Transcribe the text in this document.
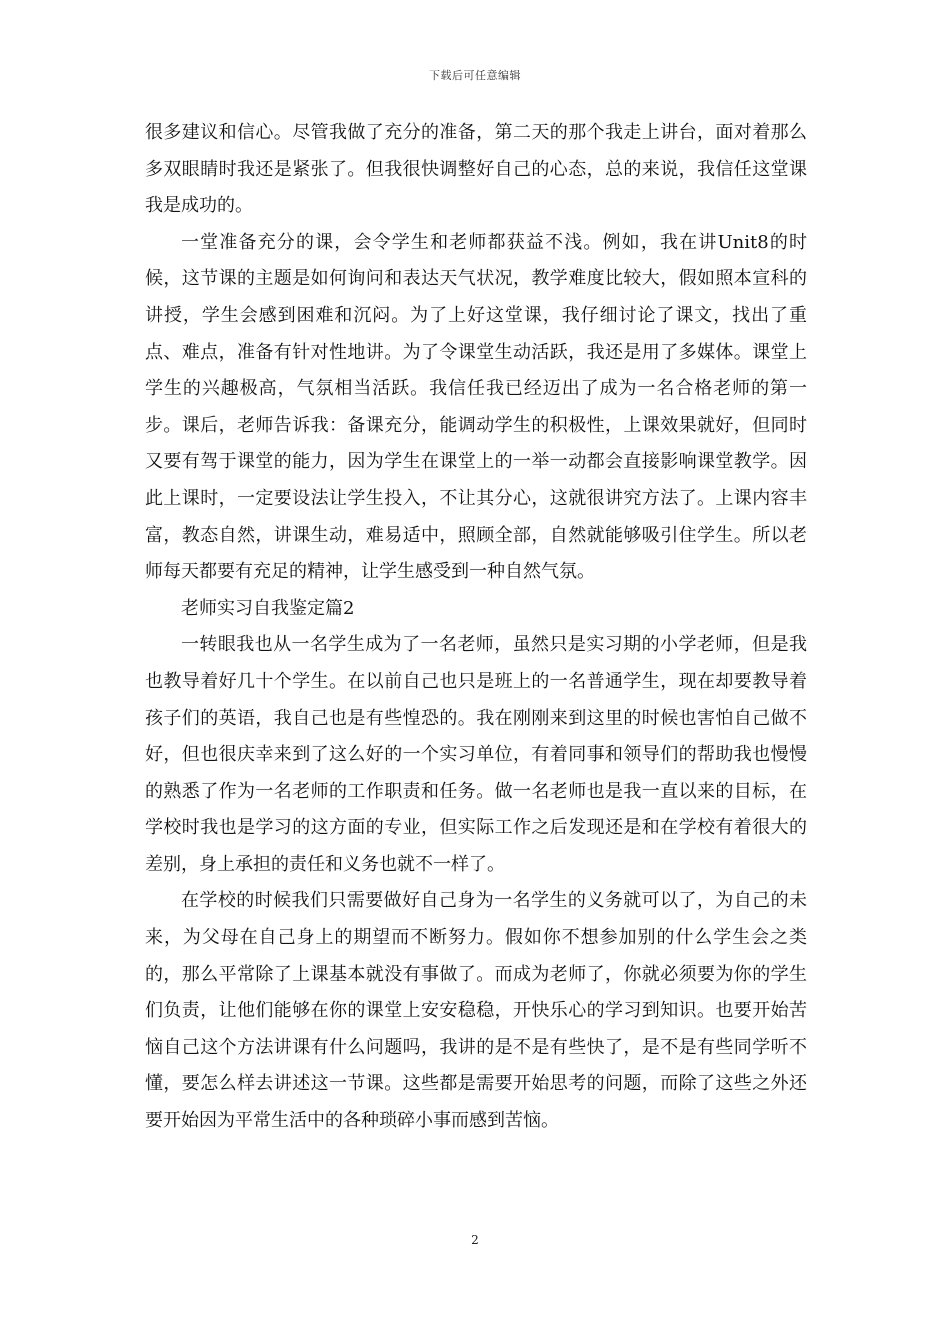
下载后可任意编辑

很多建议和信心。尽管我做了充分的准备，第二天的那个我走上讲台，面对着那么多双眼睛时我还是紧张了。但我很快调整好自己的心态，总的来说，我信任这堂课我是成功的。

一堂准备充分的课，会令学生和老师都获益不浅。例如，我在讲Unit8的时候，这节课的主题是如何询问和表达天气状况，教学难度比较大，假如照本宣科的讲授，学生会感到困难和沉闷。为了上好这堂课，我仔细讨论了课文，找出了重点、难点，准备有针对性地讲。为了令课堂生动活跃，我还是用了多媒体。课堂上学生的兴趣极高，气氛相当活跃。我信任我已经迈出了成为一名合格老师的第一步。课后，老师告诉我：备课充分，能调动学生的积极性，上课效果就好，但同时又要有驾于课堂的能力，因为学生在课堂上的一举一动都会直接影响课堂教学。因此上课时，一定要设法让学生投入，不让其分心，这就很讲究方法了。上课内容丰富，教态自然，讲课生动，难易适中，照顾全部，自然就能够吸引住学生。所以老师每天都要有充足的精神，让学生感受到一种自然气氛。

老师实习自我鉴定篇2

一转眼我也从一名学生成为了一名老师，虽然只是实习期的小学老师，但是我也教导着好几十个学生。在以前自己也只是班上的一名普通学生，现在却要教导着孩子们的英语，我自己也是有些惶恐的。我在刚刚来到这里的时候也害怕自己做不好，但也很庆幸来到了这么好的一个实习单位，有着同事和领导们的帮助我也慢慢的熟悉了作为一名老师的工作职责和任务。做一名老师也是我一直以来的目标，在学校时我也是学习的这方面的专业，但实际工作之后发现还是和在学校有着很大的差别，身上承担的责任和义务也就不一样了。

在学校的时候我们只需要做好自己身为一名学生的义务就可以了，为自己的未来，为父母在自己身上的期望而不断努力。假如你不想参加别的什么学生会之类的，那么平常除了上课基本就没有事做了。而成为老师了，你就必须要为你的学生们负责，让他们能够在你的课堂上安安稳稳，开快乐心的学习到知识。也要开始苦恼自己这个方法讲课有什么问题吗，我讲的是不是有些快了，是不是有些同学听不懂，要怎么样去讲述这一节课。这些都是需要开始思考的问题，而除了这些之外还要开始因为平常生活中的各种琐碎小事而感到苦恼。

2
